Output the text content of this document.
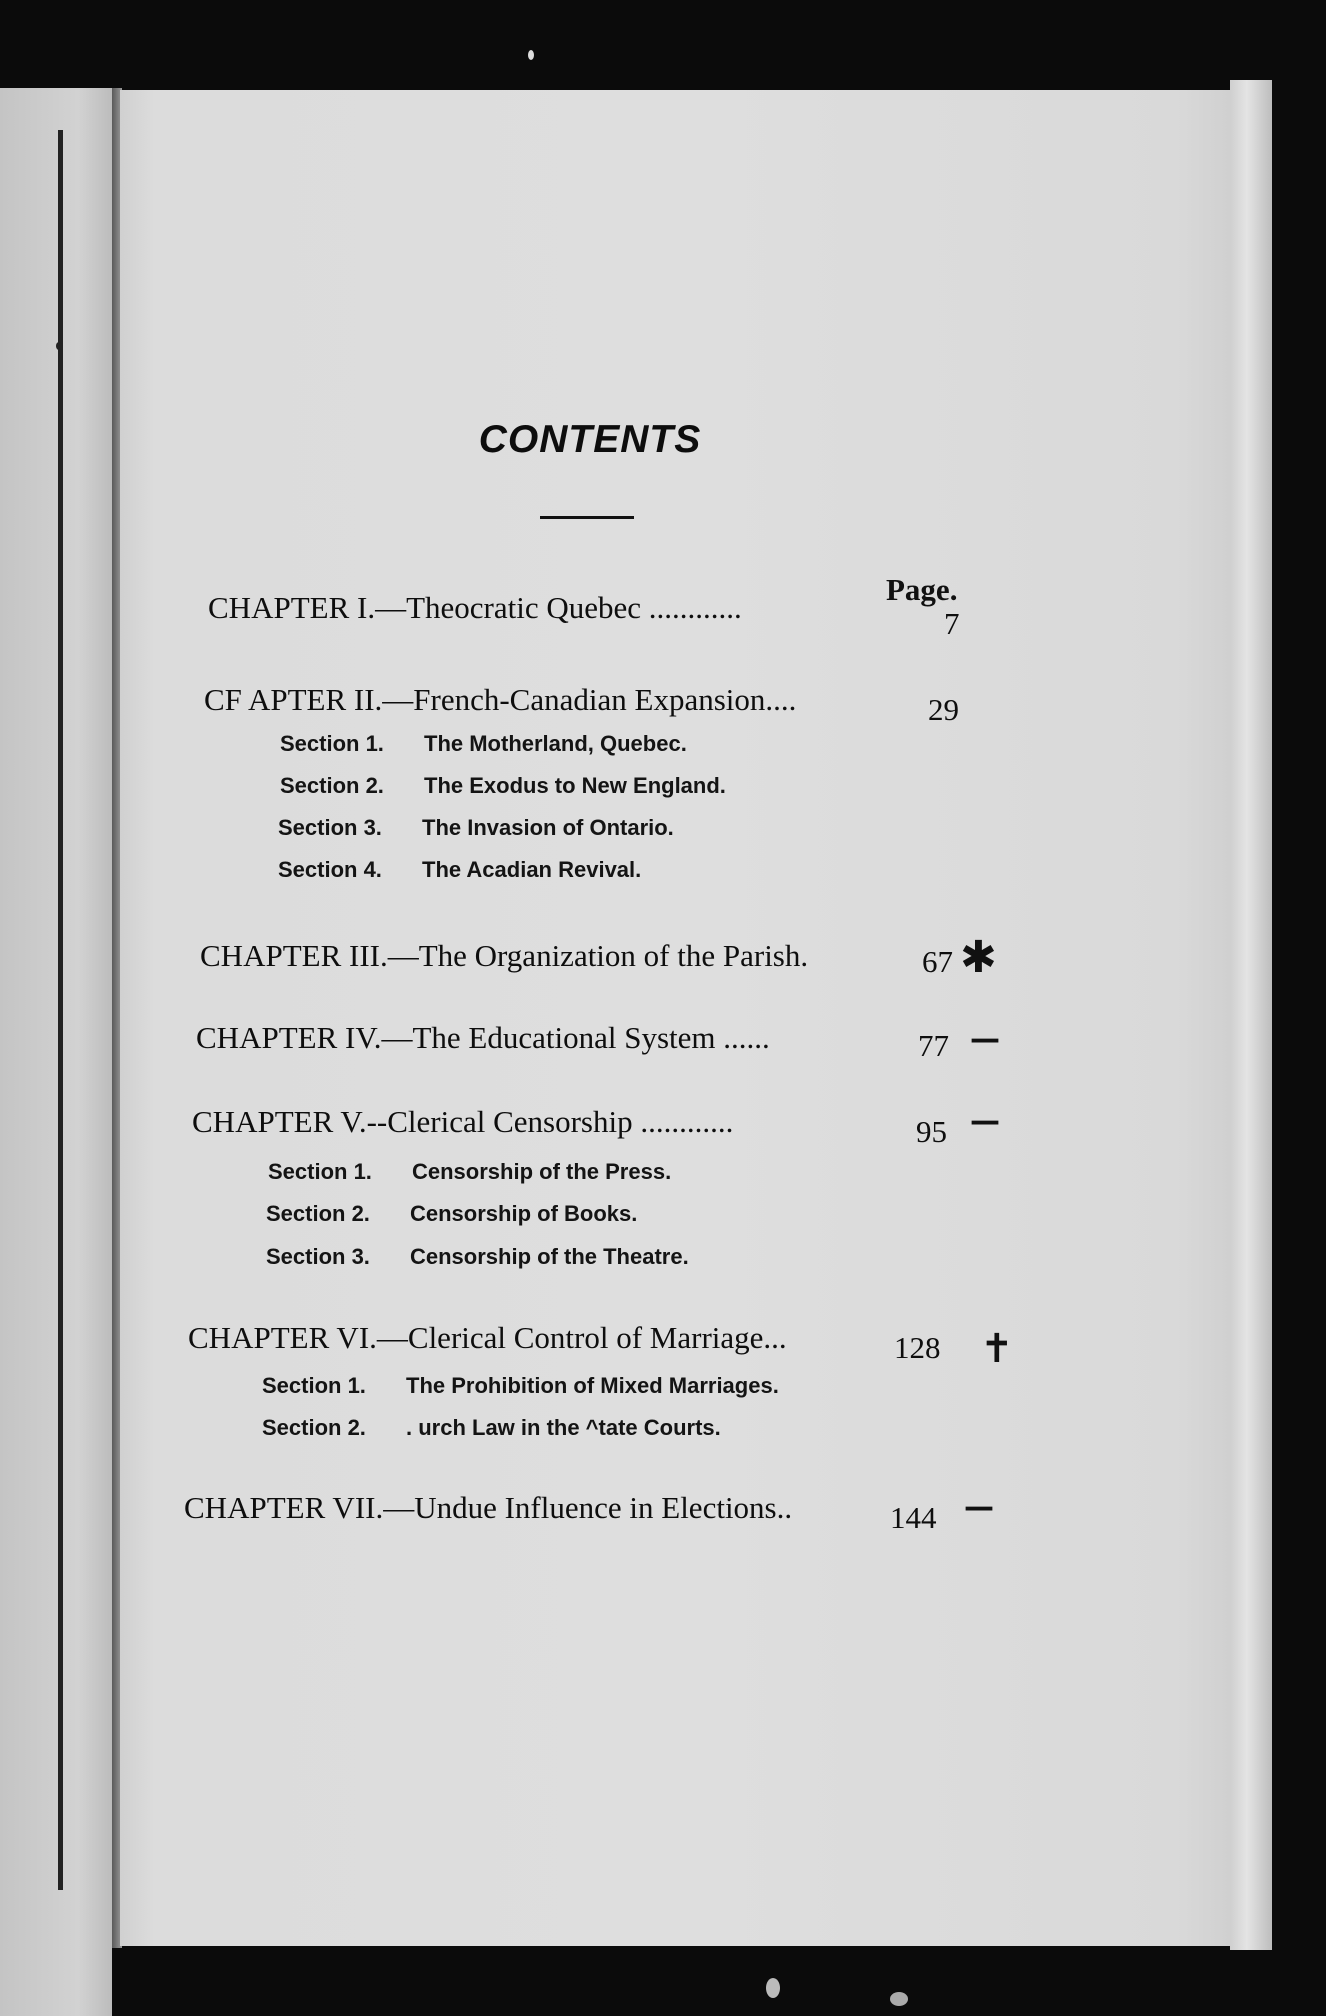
CONTENTS
Page.
CHAPTER I.—Theocratic Quebec ............	7
CF APTER II.—French-Canadian Expansion....	29
Section 1. The Motherland, Quebec.
Section 2. The Exodus to New England.
Section 3. The Invasion of Ontario.
Section 4. The Acadian Revival.
CHAPTER III.—The Organization of the Parish.	67 ✱
CHAPTER IV.—The Educational System ......	77 —
CHAPTER V.--Clerical Censorship ............	95 —
Section 1. Censorship of the Press.
Section 2. Censorship of Books.
Section 3. Censorship of the Theatre.
CHAPTER VI.—Clerical Control of Marriage...	128 ✝
Section 1. The Prohibition of Mixed Marriages.
Section 2. . urch Law in the ^tate Courts.
CHAPTER VII.—Undue Influence in Elections..	144 —
